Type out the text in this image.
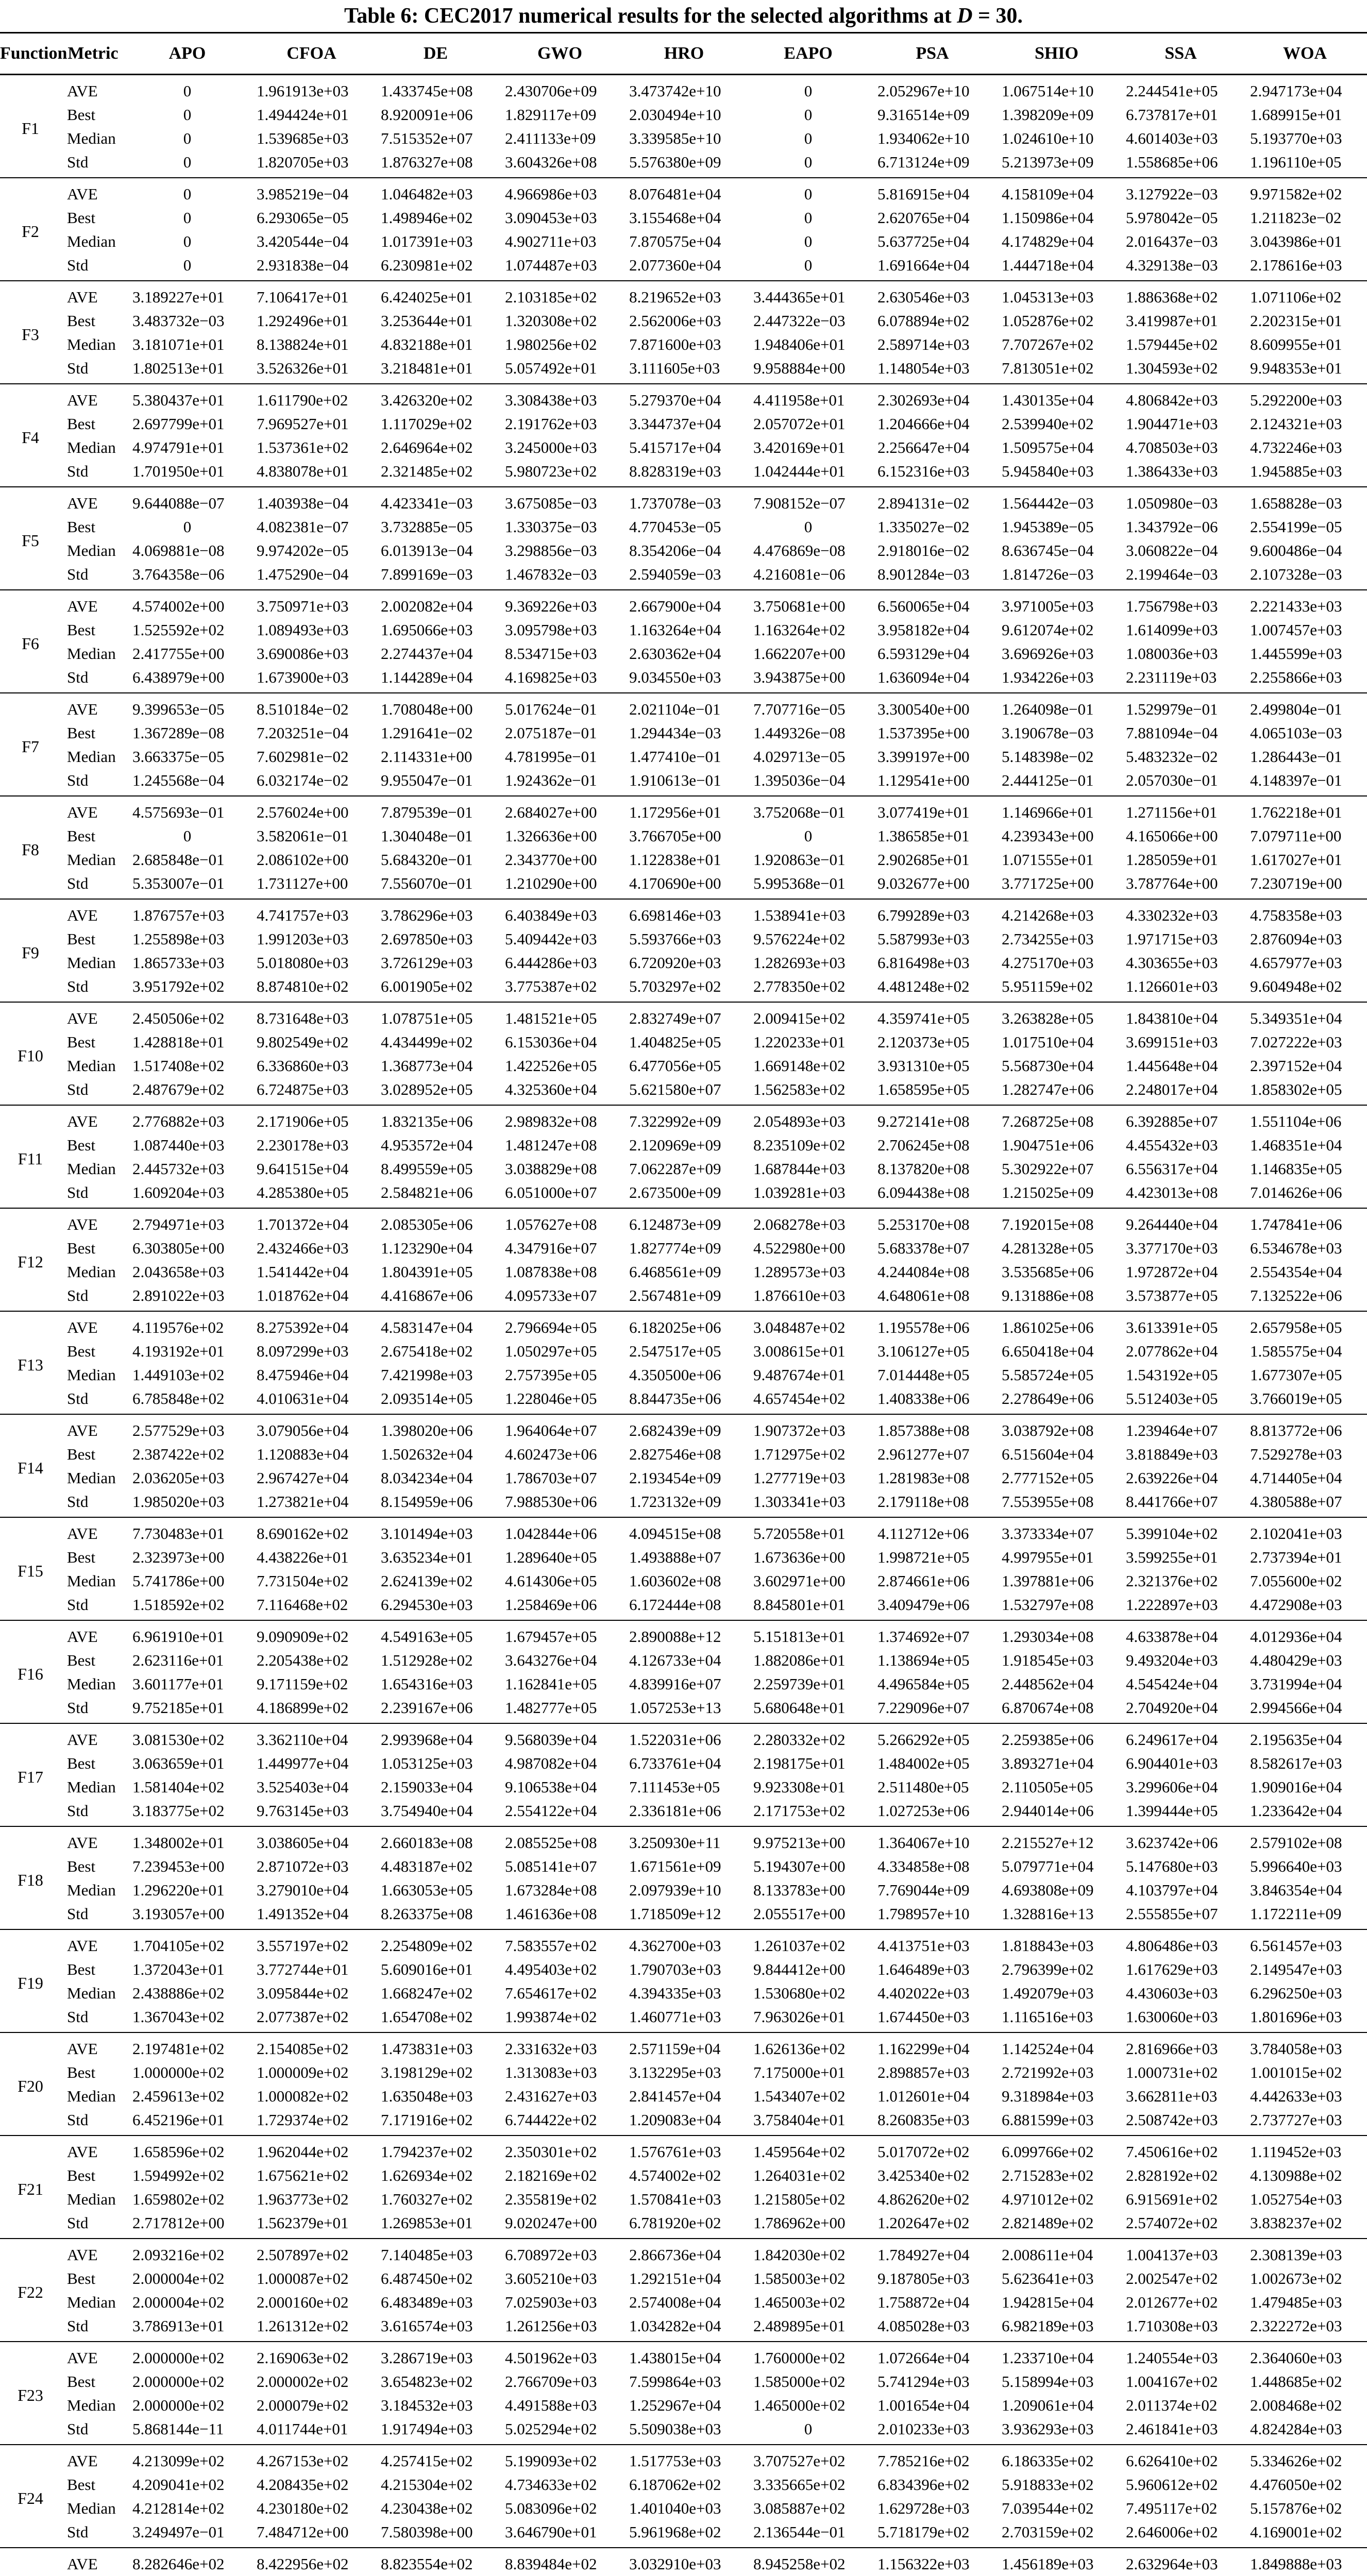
Table 6: CEC2017 numerical results for the selected algorithms at D = 30.
Function	Metric	APO	CFOA	DE	GWO	HRO	EAPO	PSA	SHIO	SSA	WOA
F1	AVE	0	1.961913e+03	1.433745e+08	2.430706e+09	3.473742e+10	0	2.052967e+10	1.067514e+10	2.244541e+05	2.947173e+04
	Best	0	1.494424e+01	8.920091e+06	1.829117e+09	2.030494e+10	0	9.316514e+09	1.398209e+09	6.737817e+01	1.689915e+01
	Median	0	1.539685e+03	7.515352e+07	2.411133e+09	3.339585e+10	0	1.934062e+10	1.024610e+10	4.601403e+03	5.193770e+03
	Std	0	1.820705e+03	1.876327e+08	3.604326e+08	5.576380e+09	0	6.713124e+09	5.213973e+09	1.558685e+06	1.196110e+05
F2	AVE	0	3.985219e−04	1.046482e+03	4.966986e+03	8.076481e+04	0	5.816915e+04	4.158109e+04	3.127922e−03	9.971582e+02
	Best	0	6.293065e−05	1.498946e+02	3.090453e+03	3.155468e+04	0	2.620765e+04	1.150986e+04	5.978042e−05	1.211823e−02
	Median	0	3.420544e−04	1.017391e+03	4.902711e+03	7.870575e+04	0	5.637725e+04	4.174829e+04	2.016437e−03	3.043986e+01
	Std	0	2.931838e−04	6.230981e+02	1.074487e+03	2.077360e+04	0	1.691664e+04	1.444718e+04	4.329138e−03	2.178616e+03
F3	AVE	3.189227e+01	7.106417e+01	6.424025e+01	2.103185e+02	8.219652e+03	3.444365e+01	2.630546e+03	1.045313e+03	1.886368e+02	1.071106e+02
	Best	3.483732e−03	1.292496e+01	3.253644e+01	1.320308e+02	2.562006e+03	2.447322e−03	6.078894e+02	1.052876e+02	3.419987e+01	2.202315e+01
	Median	3.181071e+01	8.138824e+01	4.832188e+01	1.980256e+02	7.871600e+03	1.948406e+01	2.589714e+03	7.707267e+02	1.579445e+02	8.609955e+01
	Std	1.802513e+01	3.526326e+01	3.218481e+01	5.057492e+01	3.111605e+03	9.958884e+00	1.148054e+03	7.813051e+02	1.304593e+02	9.948353e+01
F4	AVE	5.380437e+01	1.611790e+02	3.426320e+02	3.308438e+03	5.279370e+04	4.411958e+01	2.302693e+04	1.430135e+04	4.806842e+03	5.292200e+03
	Best	2.697799e+01	7.969527e+01	1.117029e+02	2.191762e+03	3.344737e+04	2.057072e+01	1.204666e+04	2.539940e+02	1.904471e+03	2.124321e+03
	Median	4.974791e+01	1.537361e+02	2.646964e+02	3.245000e+03	5.415717e+04	3.420169e+01	2.256647e+04	1.509575e+04	4.708503e+03	4.732246e+03
	Std	1.701950e+01	4.838078e+01	2.321485e+02	5.980723e+02	8.828319e+03	1.042444e+01	6.152316e+03	5.945840e+03	1.386433e+03	1.945885e+03
F5	AVE	9.644088e−07	1.403938e−04	4.423341e−03	3.675085e−03	1.737078e−03	7.908152e−07	2.894131e−02	1.564442e−03	1.050980e−03	1.658828e−03
	Best	0	4.082381e−07	3.732885e−05	1.330375e−03	4.770453e−05	0	1.335027e−02	1.945389e−05	1.343792e−06	2.554199e−05
	Median	4.069881e−08	9.974202e−05	6.013913e−04	3.298856e−03	8.354206e−04	4.476869e−08	2.918016e−02	8.636745e−04	3.060822e−04	9.600486e−04
	Std	3.764358e−06	1.475290e−04	7.899169e−03	1.467832e−03	2.594059e−03	4.216081e−06	8.901284e−03	1.814726e−03	2.199464e−03	2.107328e−03
F6	AVE	4.574002e+00	3.750971e+03	2.002082e+04	9.369226e+03	2.667900e+04	3.750681e+00	6.560065e+04	3.971005e+03	1.756798e+03	2.221433e+03
	Best	1.525592e+02	1.089493e+03	1.695066e+03	3.095798e+03	1.163264e+04	1.163264e+02	3.958182e+04	9.612074e+02	1.614099e+03	1.007457e+03
	Median	2.417755e+00	3.690086e+03	2.274437e+04	8.534715e+03	2.630362e+04	1.662207e+00	6.593129e+04	3.696926e+03	1.080036e+03	1.445599e+03
	Std	6.438979e+00	1.673900e+03	1.144289e+04	4.169825e+03	9.034550e+03	3.943875e+00	1.636094e+04	1.934226e+03	2.231119e+03	2.255866e+03
F7	AVE	9.399653e−05	8.510184e−02	1.708048e+00	5.017624e−01	2.021104e−01	7.707716e−05	3.300540e+00	1.264098e−01	1.529979e−01	2.499804e−01
	Best	1.367289e−08	7.203251e−04	1.291641e−02	2.075187e−01	1.294434e−03	1.449326e−08	1.537395e+00	3.190678e−03	7.881094e−04	4.065103e−03
	Median	3.663375e−05	7.602981e−02	2.114331e+00	4.781995e−01	1.477410e−01	4.029713e−05	3.399197e+00	5.148398e−02	5.483232e−02	1.286443e−01
	Std	1.245568e−04	6.032174e−02	9.955047e−01	1.924362e−01	1.910613e−01	1.395036e−04	1.129541e+00	2.444125e−01	2.057030e−01	4.148397e−01
F8	AVE	4.575693e−01	2.576024e+00	7.879539e−01	2.684027e+00	1.172956e+01	3.752068e−01	3.077419e+01	1.146966e+01	1.271156e+01	1.762218e+01
	Best	0	3.582061e−01	1.304048e−01	1.326636e+00	3.766705e+00	0	1.386585e+01	4.239343e+00	4.165066e+00	7.079711e+00
	Median	2.685848e−01	2.086102e+00	5.684320e−01	2.343770e+00	1.122838e+01	1.920863e−01	2.902685e+01	1.071555e+01	1.285059e+01	1.617027e+01
	Std	5.353007e−01	1.731127e+00	7.556070e−01	1.210290e+00	4.170690e+00	5.995368e−01	9.032677e+00	3.771725e+00	3.787764e+00	7.230719e+00
F9	AVE	1.876757e+03	4.741757e+03	3.786296e+03	6.403849e+03	6.698146e+03	1.538941e+03	6.799289e+03	4.214268e+03	4.330232e+03	4.758358e+03
	Best	1.255898e+03	1.991203e+03	2.697850e+03	5.409442e+03	5.593766e+03	9.576224e+02	5.587993e+03	2.734255e+03	1.971715e+03	2.876094e+03
	Median	1.865733e+03	5.018080e+03	3.726129e+03	6.444286e+03	6.720920e+03	1.282693e+03	6.816498e+03	4.275170e+03	4.303655e+03	4.657977e+03
	Std	3.951792e+02	8.874810e+02	6.001905e+02	3.775387e+02	5.703297e+02	2.778350e+02	4.481248e+02	5.951159e+02	1.126601e+03	9.604948e+02
F10	AVE	2.450506e+02	8.731648e+03	1.078751e+05	1.481521e+05	2.832749e+07	2.009415e+02	4.359741e+05	3.263828e+05	1.843810e+04	5.349351e+04
	Best	1.428818e+01	9.802549e+02	4.434499e+02	6.153036e+04	1.404825e+05	1.220233e+01	2.120373e+05	1.017510e+04	3.699151e+03	7.027222e+03
	Median	1.517408e+02	6.336860e+03	1.368773e+04	1.422526e+05	6.477056e+05	1.669148e+02	3.931310e+05	5.568730e+04	1.445648e+04	2.397152e+04
	Std	2.487679e+02	6.724875e+03	3.028952e+05	4.325360e+04	5.621580e+07	1.562583e+02	1.658595e+05	1.282747e+06	2.248017e+04	1.858302e+05
F11	AVE	2.776882e+03	2.171906e+05	1.832135e+06	2.989832e+08	7.322992e+09	2.054893e+03	9.272141e+08	7.268725e+08	6.392885e+07	1.551104e+06
	Best	1.087440e+03	2.230178e+03	4.953572e+04	1.481247e+08	2.120969e+09	8.235109e+02	2.706245e+08	1.904751e+06	4.455432e+03	1.468351e+04
	Median	2.445732e+03	9.641515e+04	8.499559e+05	3.038829e+08	7.062287e+09	1.687844e+03	8.137820e+08	5.302922e+07	6.556317e+04	1.146835e+05
	Std	1.609204e+03	4.285380e+05	2.584821e+06	6.051000e+07	2.673500e+09	1.039281e+03	6.094438e+08	1.215025e+09	4.423013e+08	7.014626e+06
F12	AVE	2.794971e+03	1.701372e+04	2.085305e+06	1.057627e+08	6.124873e+09	2.068278e+03	5.253170e+08	7.192015e+08	9.264440e+04	1.747841e+06
	Best	6.303805e+00	2.432466e+03	1.123290e+04	4.347916e+07	1.827774e+09	4.522980e+00	5.683378e+07	4.281328e+05	3.377170e+03	6.534678e+03
	Median	2.043658e+03	1.541442e+04	1.804391e+05	1.087838e+08	6.468561e+09	1.289573e+03	4.244084e+08	3.535685e+06	1.972872e+04	2.554354e+04
	Std	2.891022e+03	1.018762e+04	4.416867e+06	4.095733e+07	2.567481e+09	1.876610e+03	4.648061e+08	9.131886e+08	3.573877e+05	7.132522e+06
F13	AVE	4.119576e+02	8.275392e+04	4.583147e+04	2.796694e+05	6.182025e+06	3.048487e+02	1.195578e+06	1.861025e+06	3.613391e+05	2.657958e+05
	Best	4.193192e+01	8.097299e+03	2.675418e+02	1.050297e+05	2.547517e+05	3.008615e+01	3.106127e+05	6.650418e+04	2.077862e+04	1.585575e+04
	Median	1.449103e+02	8.475946e+04	7.421998e+03	2.757395e+05	4.350500e+06	9.487674e+01	7.014448e+05	5.585724e+05	1.543192e+05	1.677307e+05
	Std	6.785848e+02	4.010631e+04	2.093514e+05	1.228046e+05	8.844735e+06	4.657454e+02	1.408338e+06	2.278649e+06	5.512403e+05	3.766019e+05
F14	AVE	2.577529e+03	3.079056e+04	1.398020e+06	1.964064e+07	2.682439e+09	1.907372e+03	1.857388e+08	3.038792e+08	1.239464e+07	8.813772e+06
	Best	2.387422e+02	1.120883e+04	1.502632e+04	4.602473e+06	2.827546e+08	1.712975e+02	2.961277e+07	6.515604e+04	3.818849e+03	7.529278e+03
	Median	2.036205e+03	2.967427e+04	8.034234e+04	1.786703e+07	2.193454e+09	1.277719e+03	1.281983e+08	2.777152e+05	2.639226e+04	4.714405e+04
	Std	1.985020e+03	1.273821e+04	8.154959e+06	7.988530e+06	1.723132e+09	1.303341e+03	2.179118e+08	7.553955e+08	8.441766e+07	4.380588e+07
F15	AVE	7.730483e+01	8.690162e+02	3.101494e+03	1.042844e+06	4.094515e+08	5.720558e+01	4.112712e+06	3.373334e+07	5.399104e+02	2.102041e+03
	Best	2.323973e+00	4.438226e+01	3.635234e+01	1.289640e+05	1.493888e+07	1.673636e+00	1.998721e+05	4.997955e+01	3.599255e+01	2.737394e+01
	Median	5.741786e+00	7.731504e+02	2.624139e+02	4.614306e+05	1.603602e+08	3.602971e+00	2.874661e+06	1.397881e+06	2.321376e+02	7.055600e+02
	Std	1.518592e+02	7.116468e+02	6.294530e+03	1.258469e+06	6.172444e+08	8.845801e+01	3.409479e+06	1.532797e+08	1.222897e+03	4.472908e+03
F16	AVE	6.961910e+01	9.090909e+02	4.549163e+05	1.679457e+05	2.890088e+12	5.151813e+01	1.374692e+07	1.293034e+08	4.633878e+04	4.012936e+04
	Best	2.623116e+01	2.205438e+02	1.512928e+02	3.643276e+04	4.126733e+04	1.882086e+01	1.138694e+05	1.918545e+03	9.493204e+03	4.480429e+03
	Median	3.601177e+01	9.171159e+02	1.654316e+03	1.162841e+05	4.839916e+07	2.259739e+01	4.496584e+05	2.448562e+04	4.545424e+04	3.731994e+04
	Std	9.752185e+01	4.186899e+02	2.239167e+06	1.482777e+05	1.057253e+13	5.680648e+01	7.229096e+07	6.870674e+08	2.704920e+04	2.994566e+04
F17	AVE	3.081530e+02	3.362110e+04	2.993968e+04	9.568039e+04	1.522031e+06	2.280332e+02	5.266292e+05	2.259385e+06	6.249617e+04	2.195635e+04
	Best	3.063659e+01	1.449977e+04	1.053125e+03	4.987082e+04	6.733761e+04	2.198175e+01	1.484002e+05	3.893271e+04	6.904401e+03	8.582617e+03
	Median	1.581404e+02	3.525403e+04	2.159033e+04	9.106538e+04	7.111453e+05	9.923308e+01	2.511480e+05	2.110505e+05	3.299606e+04	1.909016e+04
	Std	3.183775e+02	9.763145e+03	3.754940e+04	2.554122e+04	2.336181e+06	2.171753e+02	1.027253e+06	2.944014e+06	1.399444e+05	1.233642e+04
F18	AVE	1.348002e+01	3.038605e+04	2.660183e+08	2.085525e+08	3.250930e+11	9.975213e+00	1.364067e+10	2.215527e+12	3.623742e+06	2.579102e+08
	Best	7.239453e+00	2.871072e+03	4.483187e+02	5.085141e+07	1.671561e+09	5.194307e+00	4.334858e+08	5.079771e+04	5.147680e+03	5.996640e+03
	Median	1.296220e+01	3.279010e+04	1.663053e+05	1.673284e+08	2.097939e+10	8.133783e+00	7.769044e+09	4.693808e+09	4.103797e+04	3.846354e+04
	Std	3.193057e+00	1.491352e+04	8.263375e+08	1.461636e+08	1.718509e+12	2.055517e+00	1.798957e+10	1.328816e+13	2.555855e+07	1.172211e+09
F19	AVE	1.704105e+02	3.557197e+02	2.254809e+02	7.583557e+02	4.362700e+03	1.261037e+02	4.413751e+03	1.818843e+03	4.806486e+03	6.561457e+03
	Best	1.372043e+01	3.772744e+01	5.609016e+01	4.495403e+02	1.790703e+03	9.844412e+00	1.646489e+03	2.796399e+02	1.617629e+03	2.149547e+03
	Median	2.438886e+02	3.095844e+02	1.668247e+02	7.654617e+02	4.394335e+03	1.530680e+02	4.402022e+03	1.492079e+03	4.430603e+03	6.296250e+03
	Std	1.367043e+02	2.077387e+02	1.654708e+02	1.993874e+02	1.460771e+03	7.963026e+01	1.674450e+03	1.116516e+03	1.630060e+03	1.801696e+03
F20	AVE	2.197481e+02	2.154085e+02	1.473831e+03	2.331632e+03	2.571159e+04	1.626136e+02	1.162299e+04	1.142524e+04	2.816966e+03	3.784058e+03
	Best	1.000000e+02	1.000009e+02	3.198129e+02	1.313083e+03	3.132295e+03	7.175000e+01	2.898857e+03	2.721992e+03	1.000731e+02	1.001015e+02
	Median	2.459613e+02	1.000082e+02	1.635048e+03	2.431627e+03	2.841457e+04	1.543407e+02	1.012601e+04	9.318984e+03	3.662811e+03	4.442633e+03
	Std	6.452196e+01	1.729374e+02	7.171916e+02	6.744422e+02	1.209083e+04	3.758404e+01	8.260835e+03	6.881599e+03	2.508742e+03	2.737727e+03
F21	AVE	1.658596e+02	1.962044e+02	1.794237e+02	2.350301e+02	1.576761e+03	1.459564e+02	5.017072e+02	6.099766e+02	7.450616e+02	1.119452e+03
	Best	1.594992e+02	1.675621e+02	1.626934e+02	2.182169e+02	4.574002e+02	1.264031e+02	3.425340e+02	2.715283e+02	2.828192e+02	4.130988e+02
	Median	1.659802e+02	1.963773e+02	1.760327e+02	2.355819e+02	1.570841e+03	1.215805e+02	4.862620e+02	4.971012e+02	6.915691e+02	1.052754e+03
	Std	2.717812e+00	1.562379e+01	1.269853e+01	9.020247e+00	6.781920e+02	1.786962e+00	1.202647e+02	2.821489e+02	2.574072e+02	3.838237e+02
F22	AVE	2.093216e+02	2.507897e+02	7.140485e+03	6.708972e+03	2.866736e+04	1.842030e+02	1.784927e+04	2.008611e+04	1.004137e+03	2.308139e+03
	Best	2.000004e+02	1.000087e+02	6.487450e+02	3.605210e+03	1.292151e+04	1.585003e+02	9.187805e+03	5.623641e+03	2.002547e+02	1.002673e+02
	Median	2.000004e+02	2.000160e+02	6.483489e+03	7.025903e+03	2.574008e+04	1.465003e+02	1.758872e+04	1.942815e+04	2.012677e+02	1.479485e+03
	Std	3.786913e+01	1.261312e+02	3.616574e+03	1.261256e+03	1.034282e+04	2.489895e+01	4.085028e+03	6.982189e+03	1.710308e+03	2.322272e+03
F23	AVE	2.000000e+02	2.169063e+02	3.286719e+03	4.501962e+03	1.438015e+04	1.760000e+02	1.072664e+04	1.233710e+04	1.240554e+03	2.364060e+03
	Best	2.000000e+02	2.000002e+02	3.654823e+02	2.766709e+03	7.599864e+03	1.585000e+02	5.741294e+03	5.158994e+03	1.004167e+02	1.448685e+02
	Median	2.000000e+02	2.000079e+02	3.184532e+03	4.491588e+03	1.252967e+04	1.465000e+02	1.001654e+04	1.209061e+04	2.011374e+02	2.008468e+02
	Std	5.868144e−11	4.011744e+01	1.917494e+03	5.025294e+02	5.509038e+03	0	2.010233e+03	3.936293e+03	2.461841e+03	4.824284e+03
F24	AVE	4.213099e+02	4.267153e+02	4.257415e+02	5.199093e+02	1.517753e+03	3.707527e+02	7.785216e+02	6.186335e+02	6.626410e+02	5.334626e+02
	Best	4.209041e+02	4.208435e+02	4.215304e+02	4.734633e+02	6.187062e+02	3.335665e+02	6.834396e+02	5.918833e+02	5.960612e+02	4.476050e+02
	Median	4.212814e+02	4.230180e+02	4.230438e+02	5.083096e+02	1.401040e+03	3.085887e+02	1.629728e+03	7.039544e+02	7.495117e+02	5.157876e+02
	Std	3.249497e−01	7.484712e+00	7.580398e+00	3.646790e+01	5.961968e+02	2.136544e−01	5.718179e+02	2.703159e+02	2.646006e+02	4.169001e+02
	AVE	8.282646e+02	8.422956e+02	8.823554e+02	8.839484e+02	3.032910e+03	8.945258e+02	1.156322e+03	1.456189e+03	2.632964e+03	1.849888e+03
